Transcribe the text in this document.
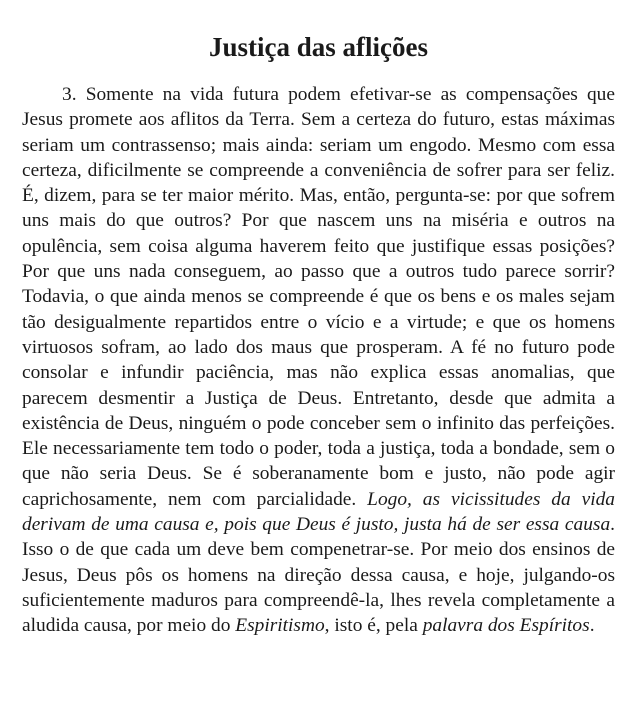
Justiça das aflições

3. Somente na vida futura podem efetivar-se as compensações que Jesus promete aos aflitos da Terra. Sem a certeza do futuro, estas máximas seriam um contrassenso; mais ainda: seriam um engodo. Mesmo com essa certeza, dificilmente se compreende a conveniência de sofrer para ser feliz. É, dizem, para se ter maior mérito. Mas, então, pergunta-se: por que sofrem uns mais do que outros? Por que nascem uns na miséria e outros na opulência, sem coisa alguma haverem feito que justifique essas posições? Por que uns nada conseguem, ao passo que a outros tudo parece sorrir? Todavia, o que ainda menos se compreende é que os bens e os males sejam tão desigualmente repartidos entre o vício e a virtude; e que os homens virtuosos sofram, ao lado dos maus que prosperam. A fé no futuro pode consolar e infundir paciência, mas não explica essas anomalias, que parecem desmentir a Justiça de Deus. Entretanto, desde que admita a existência de Deus, ninguém o pode conceber sem o infinito das perfeições. Ele necessariamente tem todo o poder, toda a justiça, toda a bondade, sem o que não seria Deus. Se é soberanamente bom e justo, não pode agir caprichosamente, nem com parcialidade. Logo, as vicissitudes da vida derivam de uma causa e, pois que Deus é justo, justa há de ser essa causa. Isso o de que cada um deve bem compenetrar-se. Por meio dos ensinos de Jesus, Deus pôs os homens na direção dessa causa, e hoje, julgando-os suficientemente maduros para compreendê-la, lhes revela completamente a aludida causa, por meio do Espiritismo, isto é, pela palavra dos Espíritos.
